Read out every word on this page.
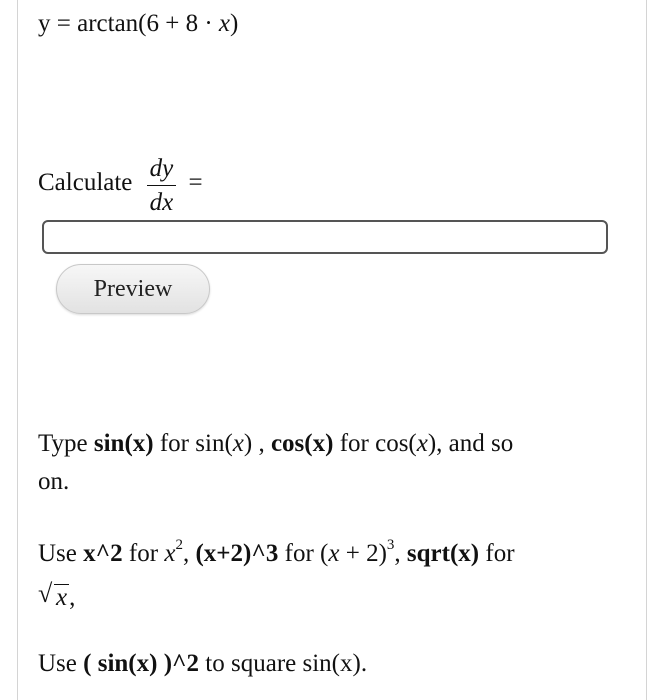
y = arctan(6 + 8 · x)
Calculate $\frac{dy}{dx}$ =
Preview
Type sin(x) for sin(x) , cos(x) for cos(x), and so
on.
Use x^2 for $x^2$, (x+2)^3 for $(x + 2)^3$, sqrt(x) for
√ x,
Use ( sin(x) )^2 to square sin(x).
